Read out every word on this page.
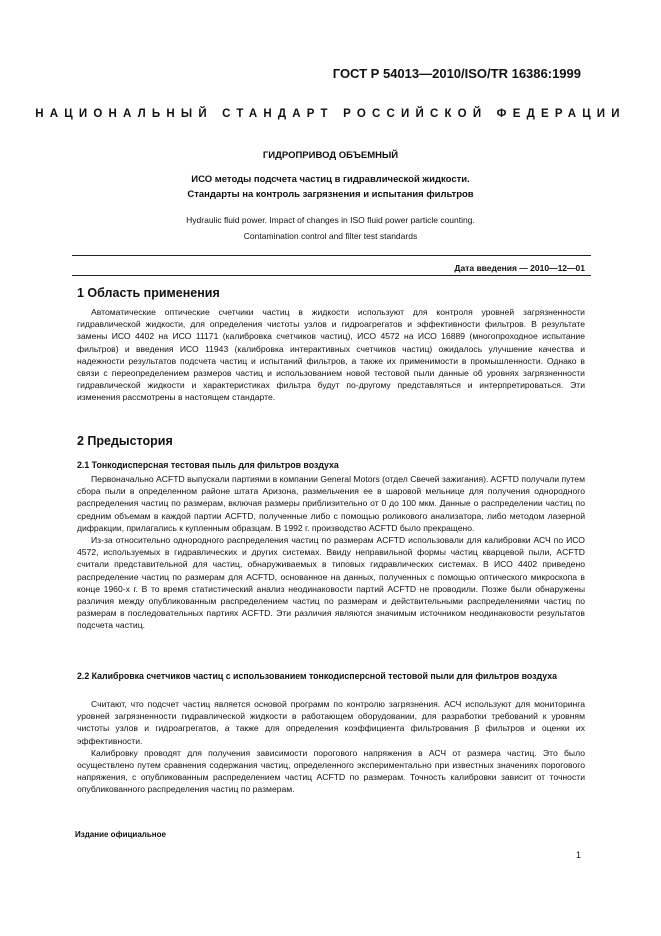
ГОСТ Р 54013—2010/ISO/TR 16386:1999
НАЦИОНАЛЬНЫЙ СТАНДАРТ РОССИЙСКОЙ ФЕДЕРАЦИИ
ГИДРОПРИВОД ОБЪЕМНЫЙ
ИСО методы подсчета частиц в гидравлической жидкости.
Стандарты на контроль загрязнения и испытания фильтров
Hydraulic fluid power. Impact of changes in ISO fluid power particle counting.
Contamination control and filter test standards
Дата введения — 2010—12—01
1 Область применения

Автоматические оптические счетчики частиц в жидкости используют для контроля уровней загрязненности гидравлической жидкости, для определения чистоты узлов и гидроагрегатов и эффективности фильтров. В результате замены ИСО 4402 на ИСО 11171 (калибровка счетчиков частиц), ИСО 4572 на ИСО 16889 (многопроходное испытание фильтров) и введения ИСО 11943 (калибровка интерактивных счетчиков частиц) ожидалось улучшение качества и надежности результатов подсчета частиц и испытаний фильтров, а также их применимости в промышленности. Однако в связи с переопределением размеров частиц и использованием новой тестовой пыли данные об уровнях загрязненности гидравлической жидкости и характеристиках фильтра будут по-другому представляться и интерпретироваться. Эти изменения рассмотрены в настоящем стандарте.

2 Предыстория
2.1 Тонкодисперсная тестовая пыль для фильтров воздуха

Первоначально ACFTD выпускали партиями в компании General Motors (отдел Свечей зажигания). ACFTD получали путем сбора пыли в определенном районе штата Аризона, размельчения ее в шаровой мельнице для получения однородного распределения частиц по размерам, включая размеры приблизительно от 0 до 100 мкм. Данные о распределении частиц по средним объемам в каждой партии ACFTD, полученные либо с помощью роликового анализатора, либо методом лазерной дифракции, прилагались к купленным образцам. В 1992 г. производство ACFTD было прекращено.

Из-за относительно однородного распределения частиц по размерам ACFTD использовали для калибровки АСЧ по ИСО 4572, используемых в гидравлических и других системах. Ввиду неправильной формы частиц кварцевой пыли, ACFTD считали представительной для частиц, обнаруживаемых в типовых гидравлических системах. В ИСО 4402 приведено распределение частиц по размерам для ACFTD, основанное на данных, полученных с помощью оптического микроскопа в конце 1960-х г. В то время статистический анализ неодинаковости партий ACFTD не проводили. Позже были обнаружены различия между опубликованным распределением частиц по размерам и действительными распределениями частиц по размерам в последовательных партиях ACFTD. Эти различия являются значимым источником неодинаковости результатов подсчета частиц.

2.2 Калибровка счетчиков частиц с использованием тонкодисперсной тестовой пыли для фильтров воздуха

Считают, что подсчет частиц является основой программ по контролю загрязнения. АСЧ используют для мониторинга уровней загрязненности гидравлической жидкости в работающем оборудовании, для разработки требований к уровням чистоты узлов и гидроагрегатов, а также для определения коэффициента фильтрования β фильтров и оценки их эффективности.

Калибровку проводят для получения зависимости порогового напряжения в АСЧ от размера частиц. Это было осуществлено путем сравнения содержания частиц, определенного экспериментально при известных значениях порогового напряжения, с опубликованным распределением частиц ACFTD по размерам. Точность калибровки зависит от точности опубликованного распределения частиц по размерам.

Издание официальное
1
